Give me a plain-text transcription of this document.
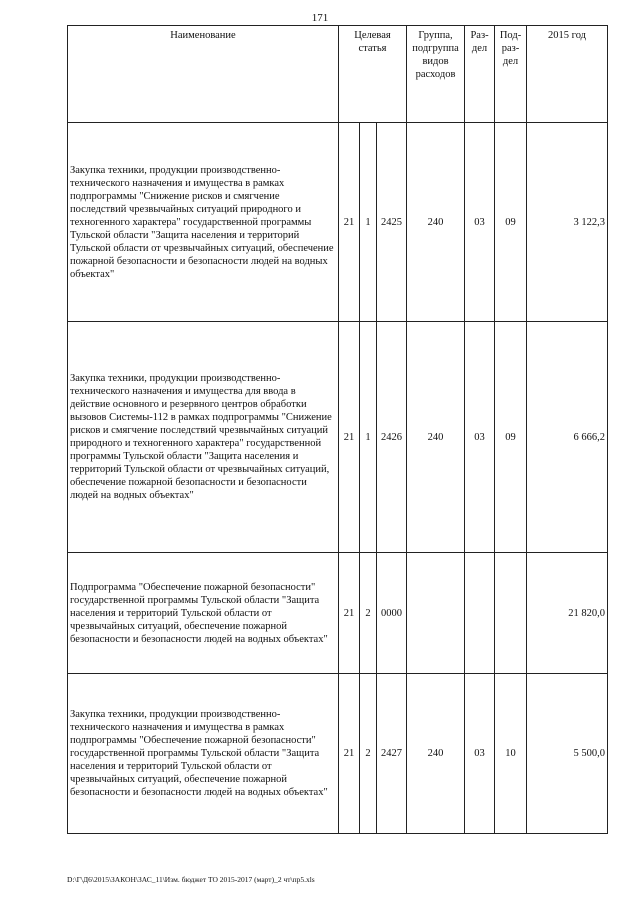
171
Наименование	Целевая статья			Группа, подгруппа видов расходов	Раздел	Подраздел	2015 год
Закупка техники, продукции производственно-технического назначения и имущества в рамках подпрограммы "Снижение рисков и смягчение последствий чрезвычайных ситуаций природного и техногенного характера" государственной программы Тульской области "Защита населения и территорий Тульской области от чрезвычайных ситуаций, обеспечение пожарной безопасности и безопасности людей на водных объектах"	21	1	2425	240	03	09	3 122,3
Закупка техники, продукции производственно-технического назначения и имущества для ввода в действие основного и резервного центров обработки вызовов Системы-112 в рамках подпрограммы "Снижение рисков и смягчение последствий чрезвычайных ситуаций природного и техногенного характера" государственной программы Тульской области "Защита населения и территорий Тульской области от чрезвычайных ситуаций, обеспечение пожарной безопасности и безопасности людей на водных объектах"	21	1	2426	240	03	09	6 666,2
Подпрограмма "Обеспечение пожарной безопасности" государственной программы Тульской области "Защита населения и территорий Тульской области от чрезвычайных ситуаций, обеспечение пожарной безопасности и безопасности людей на водных объектах"	21	2	0000				21 820,0
Закупка техники, продукции производственно-технического назначения и имущества в рамках подпрограммы "Обеспечение пожарной безопасности" государственной программы Тульской области "Защита населения и территорий Тульской области от чрезвычайных ситуаций, обеспечение пожарной безопасности и безопасности людей на водных объектах"	21	2	2427	240	03	10	5 500,0
D:\Г\Д6\2015\ЗАКОН\ЗАС_11\Изм. бюджет ТО 2015-2017 (март)_2 чт\пр5.xls
